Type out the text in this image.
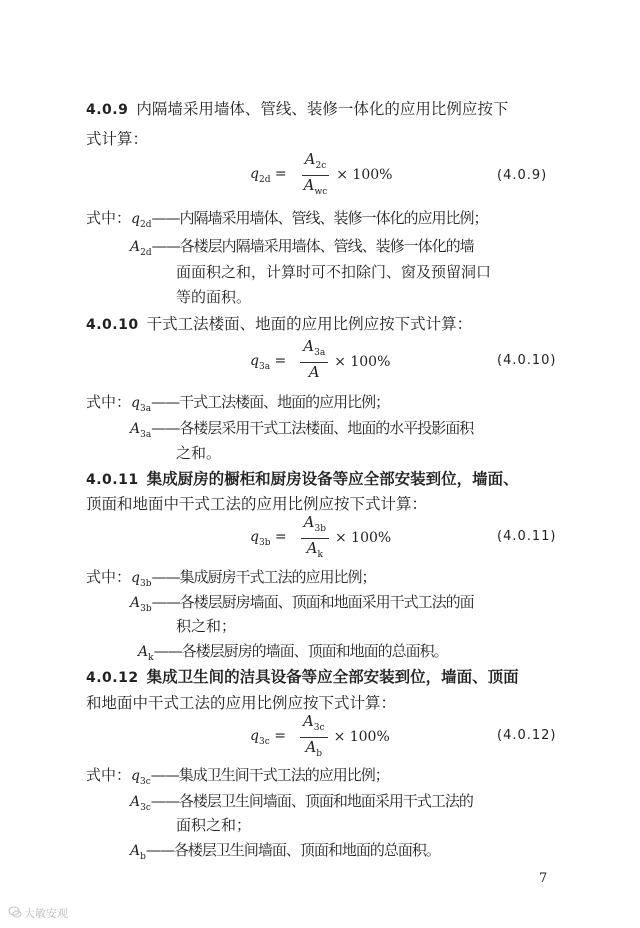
4.0.9 内隔墙采用墙体、管线、装修一体化的应用比例应按下
式计算：
$q_{2d} = \frac{A_{2c}}{A_{wc}} \times 100\%$	(4.0.9)
式中：$q_{2d}——$内隔墙采用墙体、管线、装修一体化的应用比例；
$A_{2d}——$各楼层内隔墙采用墙体、管线、装修一体化的墙
面面积之和，计算时可不扣除门、窗及预留洞口
等的面积。
4.0.10 干式工法楼面、地面的应用比例应按下式计算：
$q_{3a} = \frac{A_{3a}}{A} \times 100\%$	(4.0.10)
式中：$q_{3a}——$干式工法楼面、地面的应用比例；
$A_{3a}——$各楼层采用干式工法楼面、地面的水平投影面积
之和。
4.0.11 集成厨房的橱柜和厨房设备等应全部安装到位，墙面、
顶面和地面中干式工法的应用比例应按下式计算：
$q_{3b} = \frac{A_{3b}}{A_k} \times 100\%$	(4.0.11)
式中：$q_{3b}——$集成厨房干式工法的应用比例；
$A_{3b}——$各楼层厨房墙面、顶面和地面采用干式工法的面
积之和；
$A_k——$各楼层厨房的墙面、顶面和地面的总面积。
4.0.12 集成卫生间的洁具设备等应全部安装到位，墙面、顶面
和地面中干式工法的应用比例应按下式计算：
$q_{3c} = \frac{A_{3c}}{A_b} \times 100\%$	(4.0.12)
式中：$q_{3c}——$集成卫生间干式工法的应用比例；
$A_{3c}——$各楼层卫生间墙面、顶面和地面采用干式工法的
面积之和；
$A_b——$各楼层卫生间墙面、顶面和地面的总面积。
7
大敏安观
